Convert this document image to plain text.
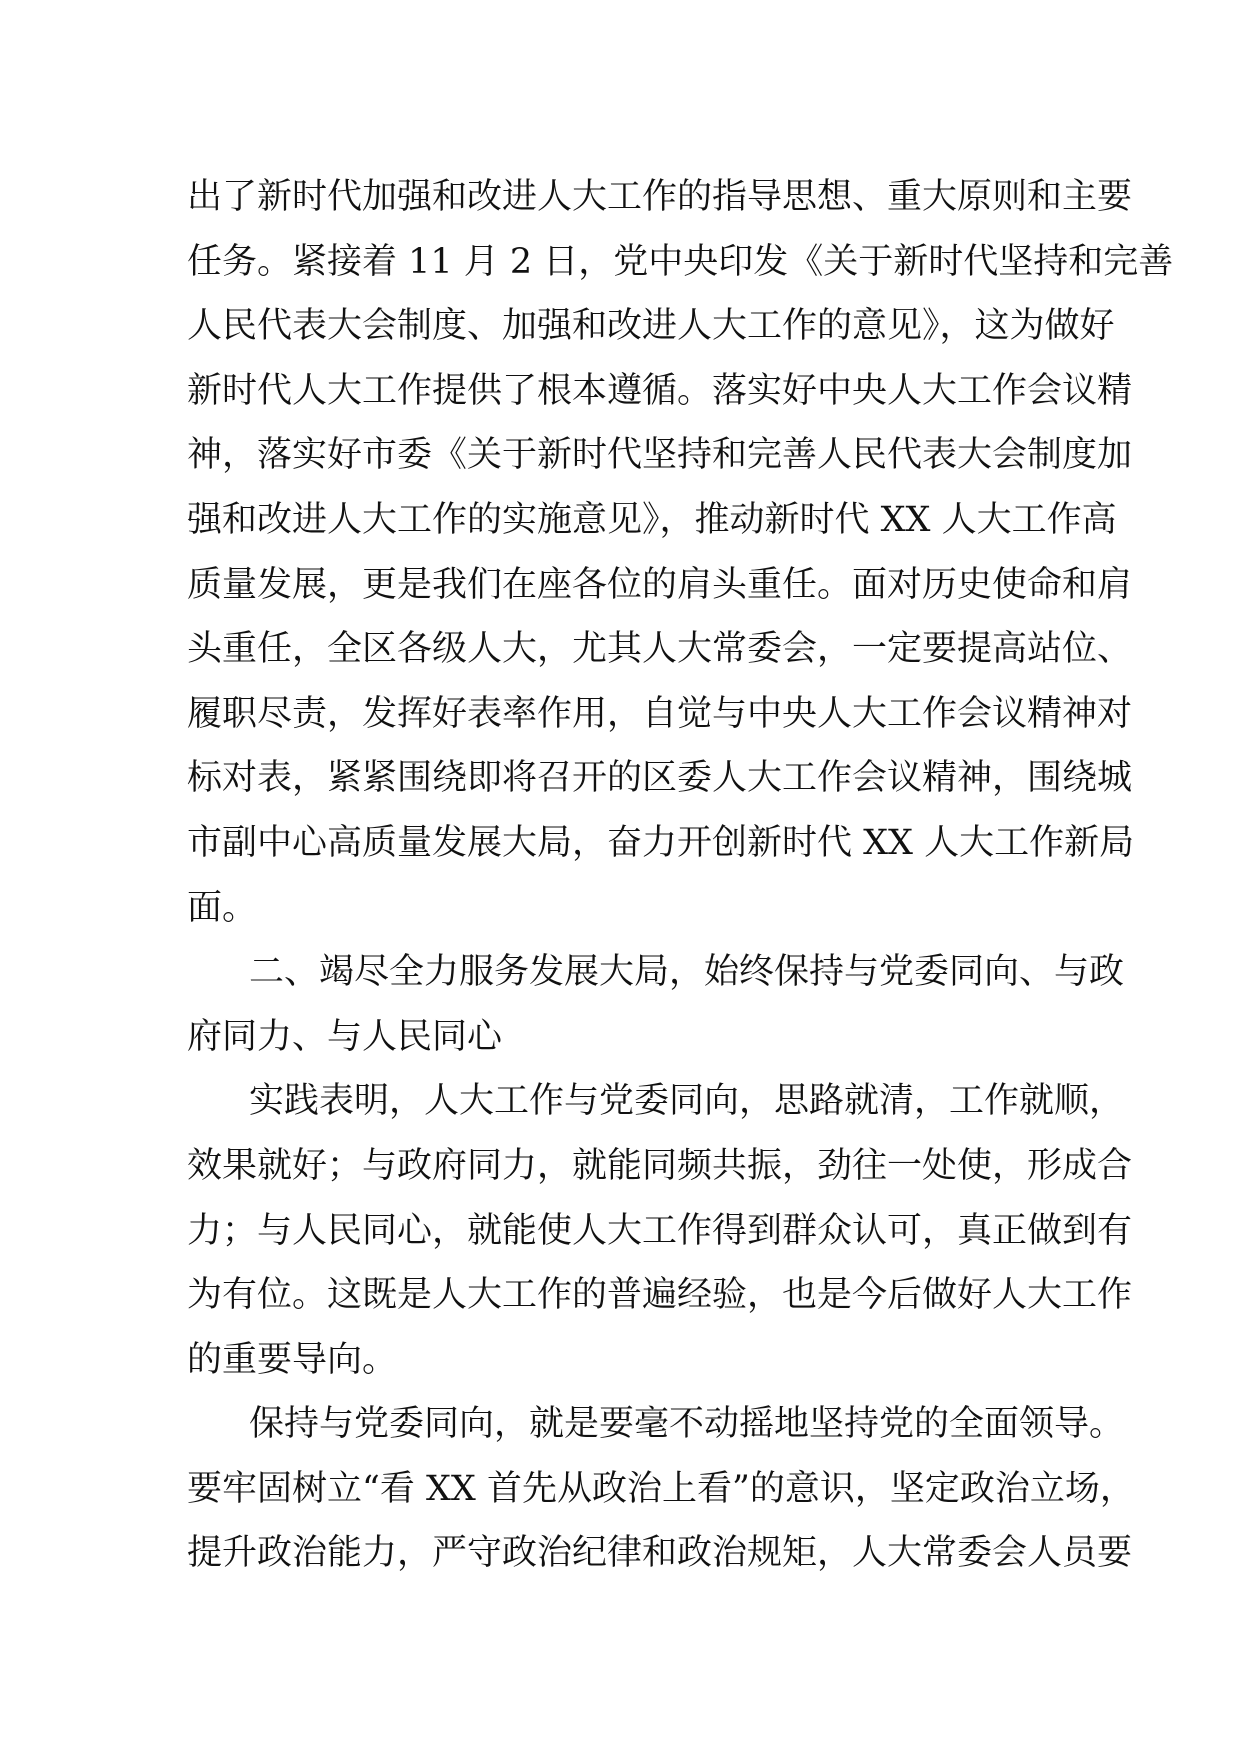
出了新时代加强和改进人大工作的指导思想、重大原则和主要
任务。紧接着 11 月 2 日，党中央印发《关于新时代坚持和完善
人民代表大会制度、加强和改进人大工作的意见》，这为做好
新时代人大工作提供了根本遵循。落实好中央人大工作会议精
神，落实好市委《关于新时代坚持和完善人民代表大会制度加
强和改进人大工作的实施意见》，推动新时代 XX 人大工作高
质量发展，更是我们在座各位的肩头重任。面对历史使命和肩
头重任，全区各级人大，尤其人大常委会，一定要提高站位、
履职尽责，发挥好表率作用，自觉与中央人大工作会议精神对
标对表，紧紧围绕即将召开的区委人大工作会议精神，围绕城
市副中心高质量发展大局，奋力开创新时代 XX 人大工作新局
面。
二、竭尽全力服务发展大局，始终保持与党委同向、与政
府同力、与人民同心
实践表明，人大工作与党委同向，思路就清，工作就顺，
效果就好；与政府同力，就能同频共振，劲往一处使，形成合
力；与人民同心，就能使人大工作得到群众认可，真正做到有
为有位。这既是人大工作的普遍经验，也是今后做好人大工作
的重要导向。
保持与党委同向，就是要毫不动摇地坚持党的全面领导。
要牢固树立“看 XX 首先从政治上看”的意识，坚定政治立场，
提升政治能力，严守政治纪律和政治规矩，人大常委会人员要
